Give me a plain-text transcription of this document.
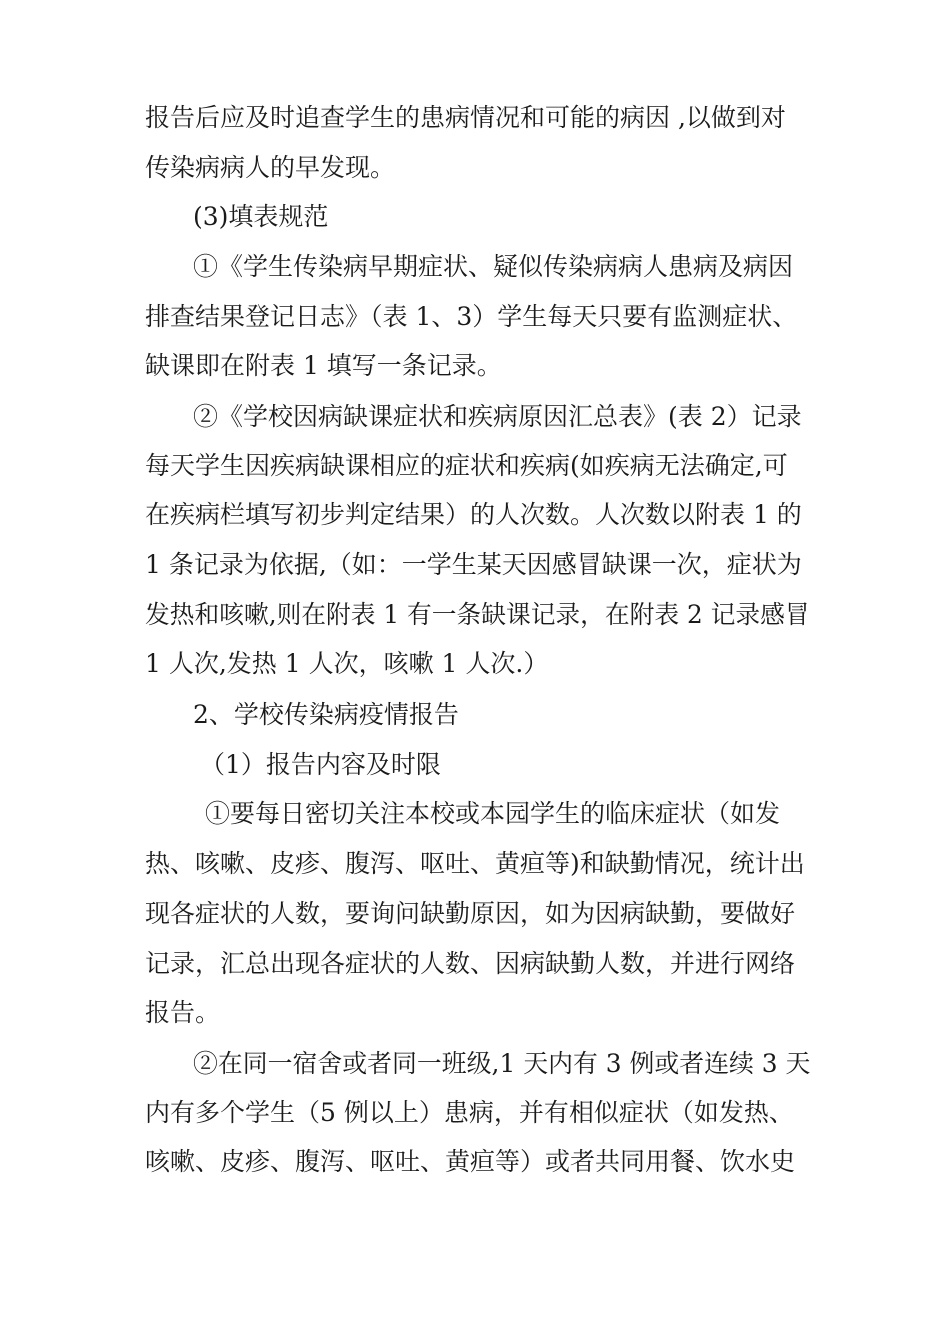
报告后应及时追查学生的患病情况和可能的病因 ,以做到对
传染病病人的早发现。
(3)填表规范
①《学生传染病早期症状、疑似传染病病人患病及病因
排查结果登记日志》（表 1、3）学生每天只要有监测症状、
缺课即在附表 1 填写一条记录。
②《学校因病缺课症状和疾病原因汇总表》(表 2）记录
每天学生因疾病缺课相应的症状和疾病(如疾病无法确定,可
在疾病栏填写初步判定结果）的人次数。人次数以附表 1 的
1 条记录为依据,（如：一学生某天因感冒缺课一次，症状为
发热和咳嗽,则在附表 1 有一条缺课记录，在附表 2 记录感冒
1 人次,发热 1 人次，咳嗽 1 人次.）
2、学校传染病疫情报告
（1）报告内容及时限
①要每日密切关注本校或本园学生的临床症状（如发
热、咳嗽、皮疹、腹泻、呕吐、黄疸等)和缺勤情况，统计出
现各症状的人数，要询问缺勤原因，如为因病缺勤，要做好
记录，汇总出现各症状的人数、因病缺勤人数，并进行网络
报告。
②在同一宿舍或者同一班级,1 天内有 3 例或者连续 3 天
内有多个学生（5 例以上）患病，并有相似症状（如发热、
咳嗽、皮疹、腹泻、呕吐、黄疸等）或者共同用餐、饮水史
